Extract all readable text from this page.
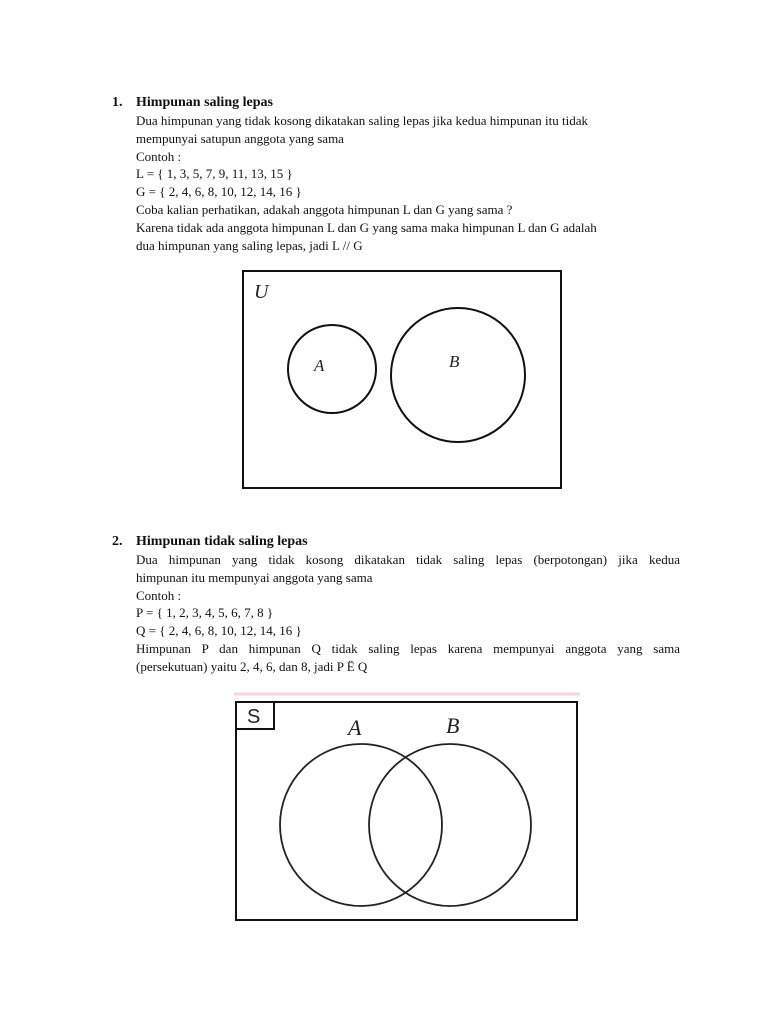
1. Himpunan saling lepas
Dua himpunan yang tidak kosong dikatakan saling lepas jika kedua himpunan itu tidak
mempunyai satupun anggota yang sama
Contoh :
L = { 1, 3, 5, 7, 9, 11, 13, 15 }
G = { 2, 4, 6, 8, 10, 12, 14, 16 }
Coba kalian perhatikan, adakah anggota himpunan L dan G yang sama ?
Karena tidak ada anggota himpunan L dan G yang sama maka himpunan L dan G adalah
dua himpunan yang saling lepas, jadi L // G
U
A	B
2. Himpunan tidak saling lepas
Dua himpunan yang tidak kosong dikatakan tidak saling lepas (berpotongan) jika kedua
himpunan itu mempunyai anggota yang sama
Contoh :
P = { 1, 2, 3, 4, 5, 6, 7, 8 }
Q = { 2, 4, 6, 8, 10, 12, 14, 16 }
Himpunan P dan himpunan Q tidak saling lepas karena mempunyai anggota yang sama
(persekutuan) yaitu 2, 4, 6, dan 8, jadi P Ë Q
S	A	B
